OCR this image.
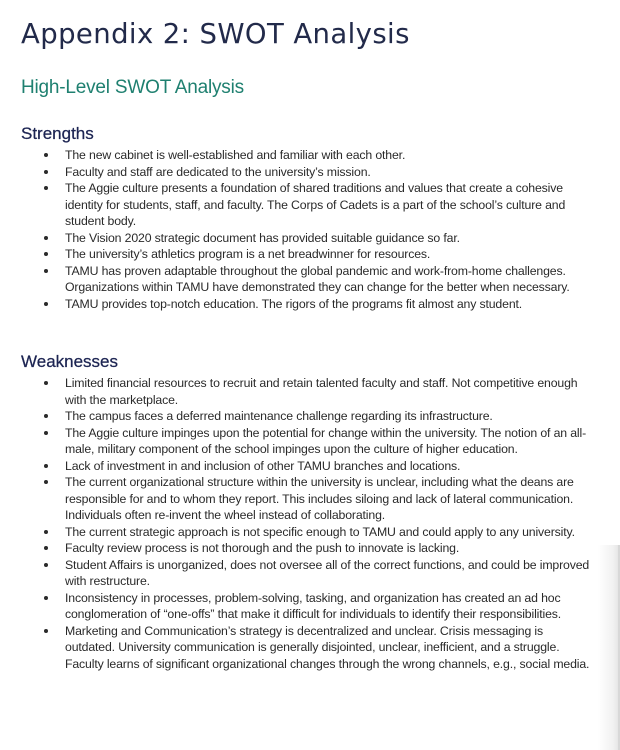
Appendix 2: SWOT Analysis
High-Level SWOT Analysis
Strengths
The new cabinet is well-established and familiar with each other.
Faculty and staff are dedicated to the university’s mission.
The Aggie culture presents a foundation of shared traditions and values that create a cohesive identity for students, staff, and faculty. The Corps of Cadets is a part of the school’s culture and student body.
The Vision 2020 strategic document has provided suitable guidance so far.
The university’s athletics program is a net breadwinner for resources.
TAMU has proven adaptable throughout the global pandemic and work-from-home challenges. Organizations within TAMU have demonstrated they can change for the better when necessary.
TAMU provides top-notch education. The rigors of the programs fit almost any student.
Weaknesses
Limited financial resources to recruit and retain talented faculty and staff. Not competitive enough with the marketplace.
The campus faces a deferred maintenance challenge regarding its infrastructure.
The Aggie culture impinges upon the potential for change within the university. The notion of an all-male, military component of the school impinges upon the culture of higher education.
Lack of investment in and inclusion of other TAMU branches and locations.
The current organizational structure within the university is unclear, including what the deans are responsible for and to whom they report. This includes siloing and lack of lateral communication. Individuals often re-invent the wheel instead of collaborating.
The current strategic approach is not specific enough to TAMU and could apply to any university.
Faculty review process is not thorough and the push to innovate is lacking.
Student Affairs is unorganized, does not oversee all of the correct functions, and could be improved with restructure.
Inconsistency in processes, problem-solving, tasking, and organization has created an ad hoc conglomeration of “one-offs” that make it difficult for individuals to identify their responsibilities.
Marketing and Communication’s strategy is decentralized and unclear. Crisis messaging is outdated. University communication is generally disjointed, unclear, inefficient, and a struggle. Faculty learns of significant organizational changes through the wrong channels, e.g., social media.
